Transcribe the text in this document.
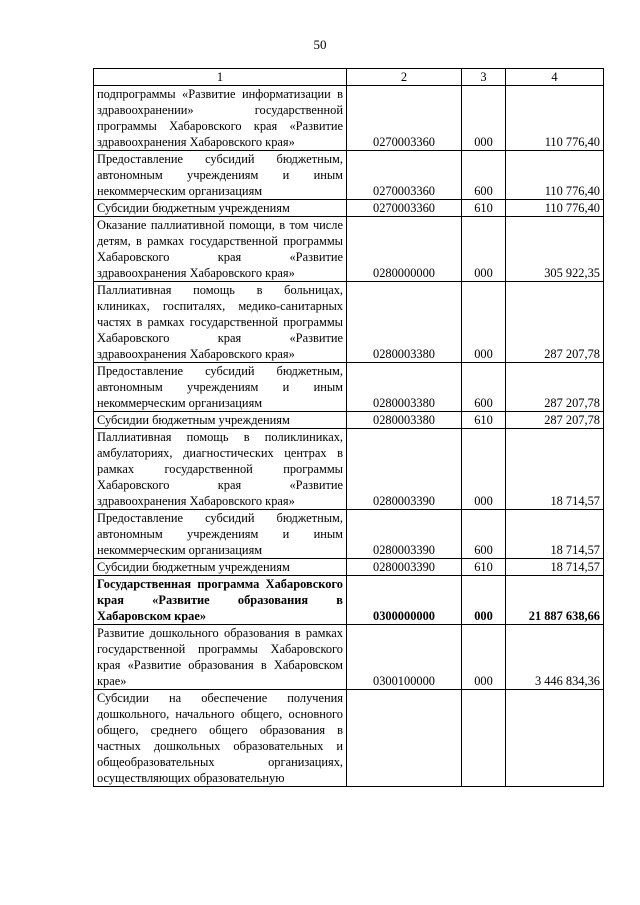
50
1	2	3	4
подпрограммы «Развитие информатизации в здравоохранении» государственной программы Хабаровского края «Развитие здравоохранения Хабаровского края»	0270003360	000	110 776,40
Предоставление субсидий бюджетным, автономным учреждениям и иным некоммерческим организациям	0270003360	600	110 776,40
Субсидии бюджетным учреждениям	0270003360	610	110 776,40
Оказание паллиативной помощи, в том числе детям, в рамках государственной программы Хабаровского края «Развитие здравоохранения Хабаровского края»	0280000000	000	305 922,35
Паллиативная помощь в больницах, клиниках, госпиталях, медико-санитарных частях в рамках государственной программы Хабаровского края «Развитие здравоохранения Хабаровского края»	0280003380	000	287 207,78
Предоставление субсидий бюджетным, автономным учреждениям и иным некоммерческим организациям	0280003380	600	287 207,78
Субсидии бюджетным учреждениям	0280003380	610	287 207,78
Паллиативная помощь в поликлиниках, амбулаториях, диагностических центрах в рамках государственной программы Хабаровского края «Развитие здравоохранения Хабаровского края»	0280003390	000	18 714,57
Предоставление субсидий бюджетным, автономным учреждениям и иным некоммерческим организациям	0280003390	600	18 714,57
Субсидии бюджетным учреждениям	0280003390	610	18 714,57
Государственная программа Хабаровского края «Развитие образования в Хабаровском крае»	0300000000	000	21 887 638,66
Развитие дошкольного образования в рамках государственной программы Хабаровского края «Развитие образования в Хабаровском крае»	0300100000	000	3 446 834,36
Субсидии на обеспечение получения дошкольного, начального общего, основного общего, среднего общего образования в частных дошкольных образовательных и общеобразовательных организациях, осуществляющих образовательную			
